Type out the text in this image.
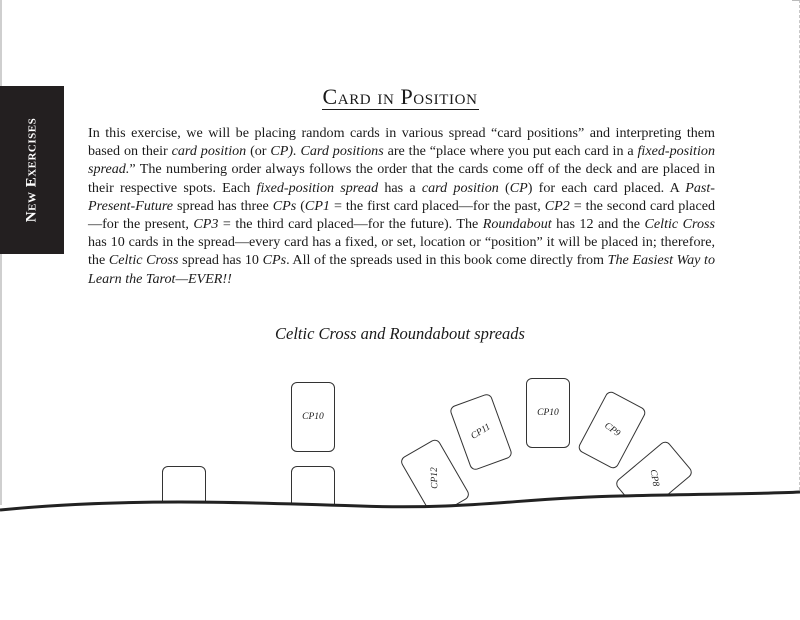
New Exercises
Card in Position
In this exercise, we will be placing random cards in various spread “card positions” and interpreting them based on their card position (or CP). Card positions are the “place where you put each card in a fixed-position spread.” The numbering order always follows the order that the cards come off of the deck and are placed in their respective spots. Each fixed-position spread has a card position (CP) for each card placed. A Past-Present-Future spread has three CPs (CP1 = the first card placed—for the past, CP2 = the second card placed—for the present, CP3 = the third card placed—for the future). The Roundabout has 12 and the Celtic Cross has 10 cards in the spread—every card has a fixed, or set, location or “position” it will be placed in; therefore, the Celtic Cross spread has 10 CPs. All of the spreads used in this book come directly from The Easiest Way to Learn the Tarot—EVER!!
Celtic Cross and Roundabout spreads
CP10
CP12
CP11
CP10
CP9
CP8
